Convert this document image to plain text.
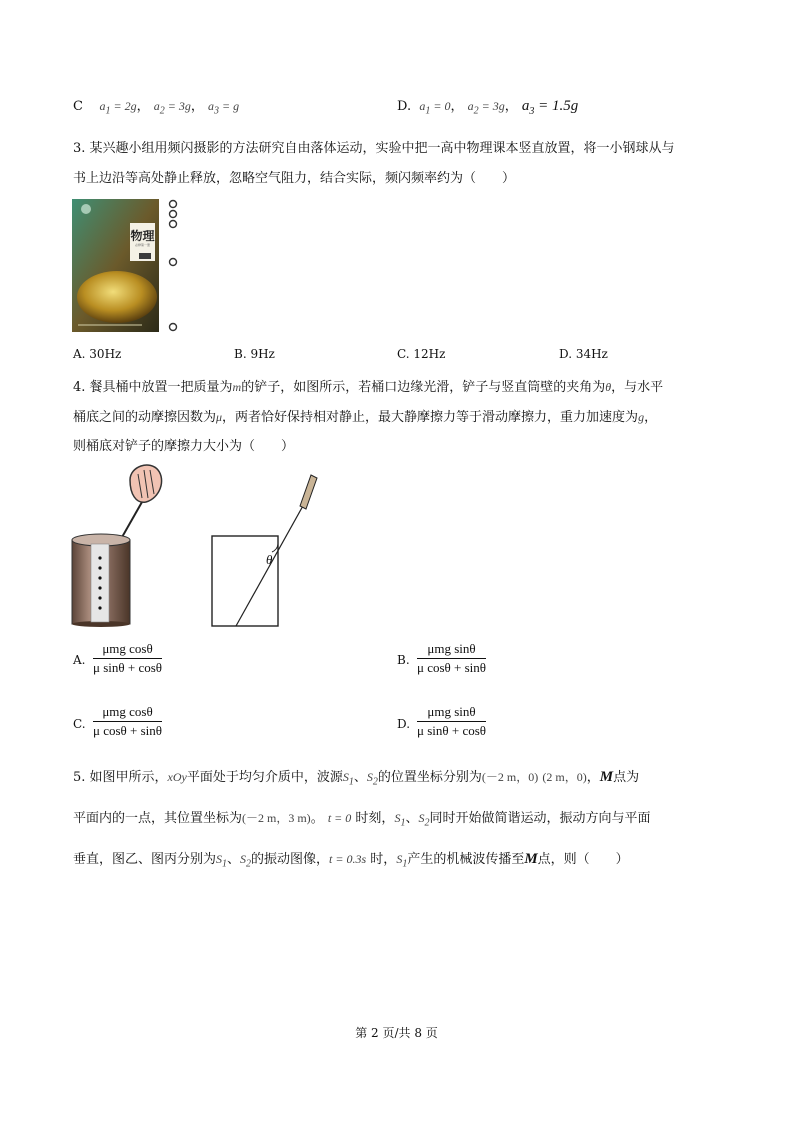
C $a_1 = 2g$， $a_2 = 3g$， $a_3 = g$	D. $a_1 = 0$， $a_2 = 3g$， $a_3 = 1.5g$
3. 某兴趣小组用频闪摄影的方法研究自由落体运动，实验中把一高中物理课本竖直放置，将一小钢球从与
书上边沿等高处静止释放，忽略空气阻力，结合实际，频闪频率约为（　　）
物理
必修第一册
A. 30Hz	B. 9Hz	C. 12Hz	D. 34Hz
4. 餐具桶中放置一把质量为m的铲子，如图所示，若桶口边缘光滑，铲子与竖直筒壁的夹角为θ，与水平
桶底之间的动摩擦因数为μ，两者恰好保持相对静止，最大静摩擦力等于滑动摩擦力，重力加速度为g，
则桶底对铲子的摩擦力大小为（　　）
θ
A.
μmg cosθ
μ sinθ + cosθ	B.
μmg sinθ
μ cosθ + sinθ
C.
μmg cosθ
μ cosθ + sinθ	D.
μmg sinθ
μ sinθ + cosθ
5. 如图甲所示，xOy平面处于均匀介质中，波源$S_1$、$S_2$的位置坐标分别为(－2 m，0) (2 m，0)，M点为
平面内的一点，其位置坐标为(－2 m，3 m)。 t = 0 时刻，$S_1$、$S_2$同时开始做简谐运动，振动方向与平面
垂直，图乙、图丙分别为$S_1$、$S_2$的振动图像，t = 0.3s 时，$S_1$产生的机械波传播至M点，则（　　）
第 2 页/共 8 页
